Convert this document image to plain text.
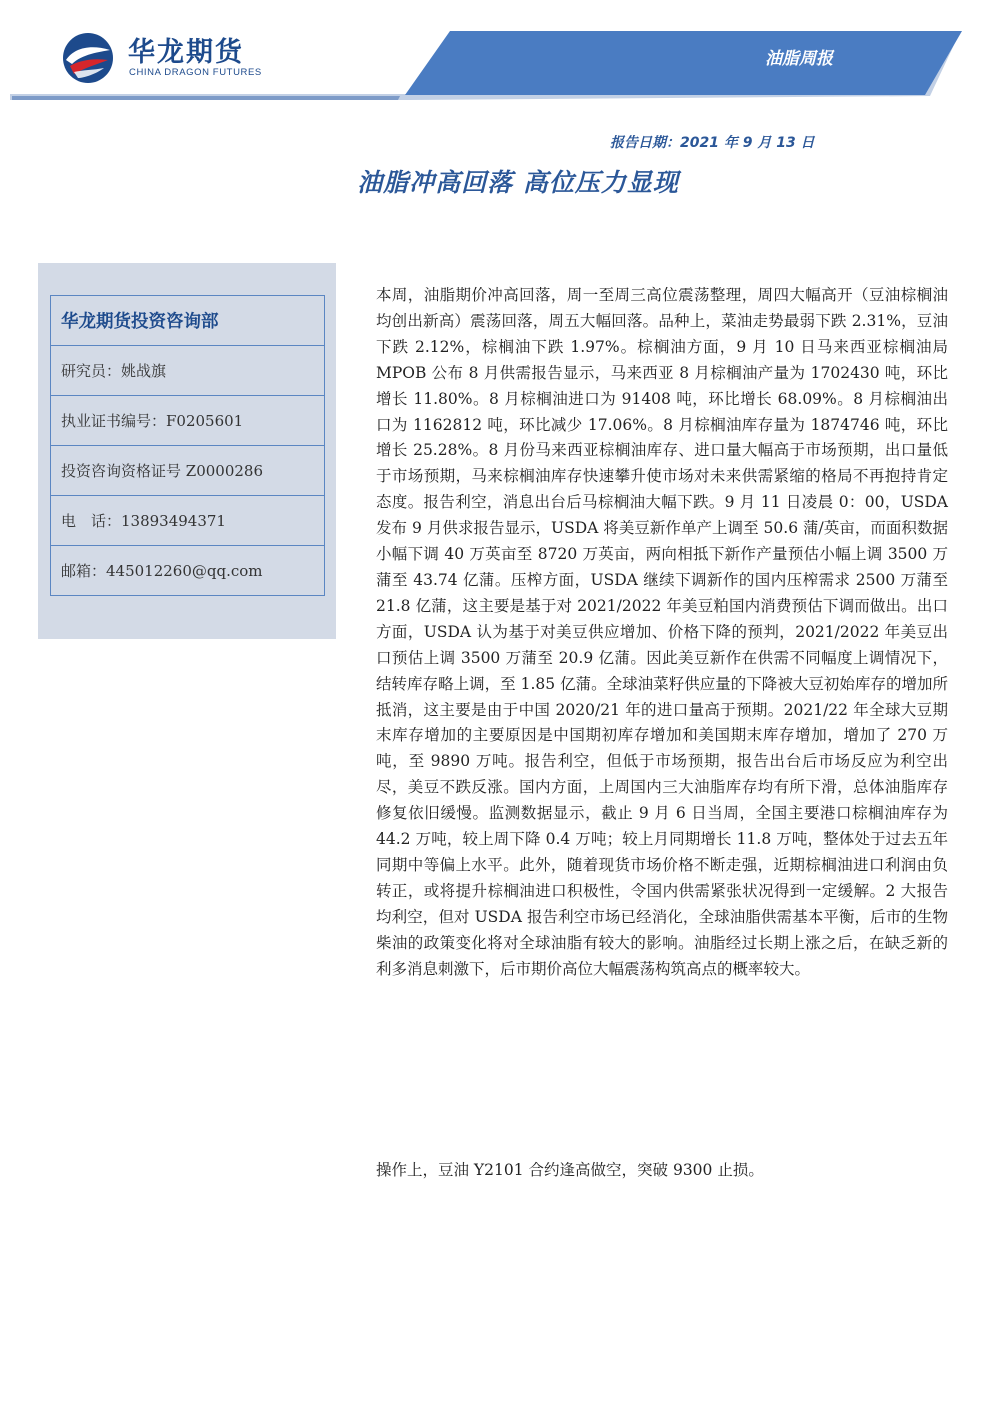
华龙期货
CHINA DRAGON FUTURES
油脂周报
报告日期：2021 年 9 月 13 日
油脂冲高回落 高位压力显现
华龙期货投资咨询部
研究员：姚战旗
执业证书编号：F0205601
投资咨询资格证号 Z0000286
电　话：13893494371
邮箱：445012260@qq.com

本周，油脂期价冲高回落，周一至周三高位震荡整理，周四大幅高开（豆油棕榈油均创出新高）震荡回落，周五大幅回落。品种上，菜油走势最弱下跌 2.31%，豆油下跌 2.12%，棕榈油下跌 1.97%。棕榈油方面，9 月 10 日马来西亚棕榈油局 MPOB 公布 8 月供需报告显示，马来西亚 8 月棕榈油产量为 1702430 吨，环比增长 11.80%。8 月棕榈油进口为 91408 吨，环比增长 68.09%。8 月棕榈油出口为 1162812 吨，环比减少 17.06%。8 月棕榈油库存量为 1874746 吨，环比增长 25.28%。8 月份马来西亚棕榈油库存、进口量大幅高于市场预期，出口量低于市场预期，马来棕榈油库存快速攀升使市场对未来供需紧缩的格局不再抱持肯定态度。报告利空，消息出台后马棕榈油大幅下跌。9 月 11 日凌晨 0：00，USDA 发布 9 月供求报告显示，USDA 将美豆新作单产上调至 50.6 蒲/英亩，而面积数据小幅下调 40 万英亩至 8720 万英亩，两向相抵下新作产量预估小幅上调 3500 万蒲至 43.74 亿蒲。压榨方面，USDA 继续下调新作的国内压榨需求 2500 万蒲至 21.8 亿蒲，这主要是基于对 2021/2022 年美豆粕国内消费预估下调而做出。出口方面，USDA 认为基于对美豆供应增加、价格下降的预判，2021/2022 年美豆出口预估上调 3500 万蒲至 20.9 亿蒲。因此美豆新作在供需不同幅度上调情况下，结转库存略上调，至 1.85 亿蒲。全球油菜籽供应量的下降被大豆初始库存的增加所抵消，这主要是由于中国 2020/21 年的进口量高于预期。2021/22 年全球大豆期末库存增加的主要原因是中国期初库存增加和美国期末库存增加，增加了 270 万吨，至 9890 万吨。报告利空，但低于市场预期，报告出台后市场反应为利空出尽，美豆不跌反涨。国内方面，上周国内三大油脂库存均有所下滑，总体油脂库存修复依旧缓慢。监测数据显示，截止 9 月 6 日当周，全国主要港口棕榈油库存为 44.2 万吨，较上周下降 0.4 万吨；较上月同期增长 11.8 万吨，整体处于过去五年同期中等偏上水平。此外，随着现货市场价格不断走强，近期棕榈油进口利润由负转正，或将提升棕榈油进口积极性，令国内供需紧张状况得到一定缓解。2 大报告均利空，但对 USDA 报告利空市场已经消化，全球油脂供需基本平衡，后市的生物柴油的政策变化将对全球油脂有较大的影响。油脂经过长期上涨之后，在缺乏新的利多消息刺激下，后市期价高位大幅震荡构筑高点的概率较大。

操作上，豆油 Y2101 合约逢高做空，突破 9300 止损。
